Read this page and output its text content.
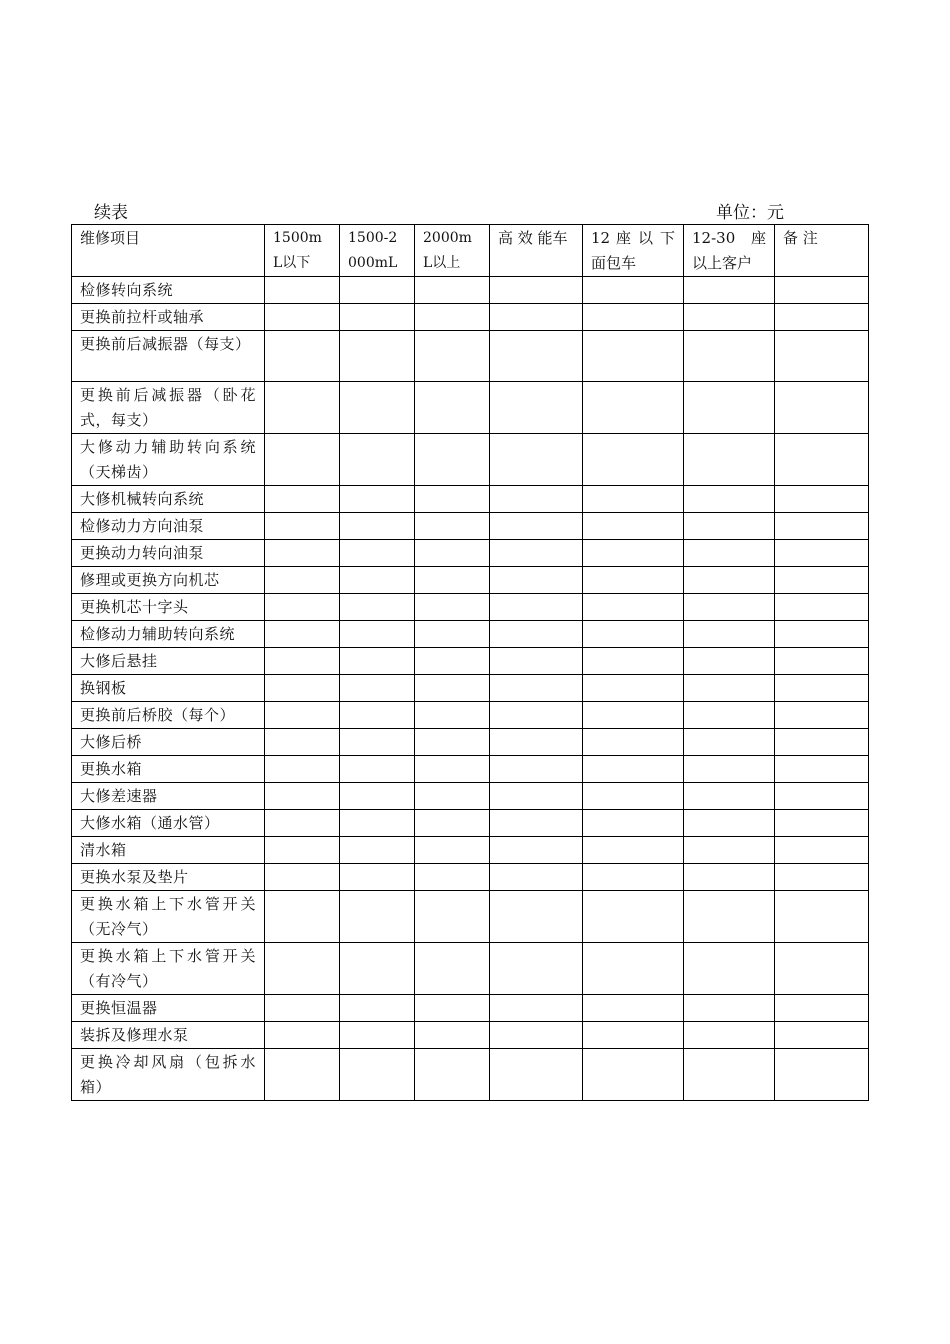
续表	单位：元
维修项目	1500mL以下	1500-2000mL	2000mL以上	高 效 能车	12 座 以 下面包车	12-30 座以上客户	备 注
检修转向系统							
更换前拉杆或轴承							
更换前后减振器（每支）							
更换前后减振器（卧花式，每支）							
大修动力辅助转向系统（天梯齿）							
大修机械转向系统							
检修动力方向油泵							
更换动力转向油泵							
修理或更换方向机芯							
更换机芯十字头							
检修动力辅助转向系统							
大修后悬挂							
换钢板							
更换前后桥胶（每个）							
大修后桥							
更换水箱							
大修差速器							
大修水箱（通水管）							
清水箱							
更换水泵及垫片							
更换水箱上下水管开关（无冷气）							
更换水箱上下水管开关（有冷气）							
更换恒温器							
装拆及修理水泵							
更换冷却风扇（包拆水箱）							
